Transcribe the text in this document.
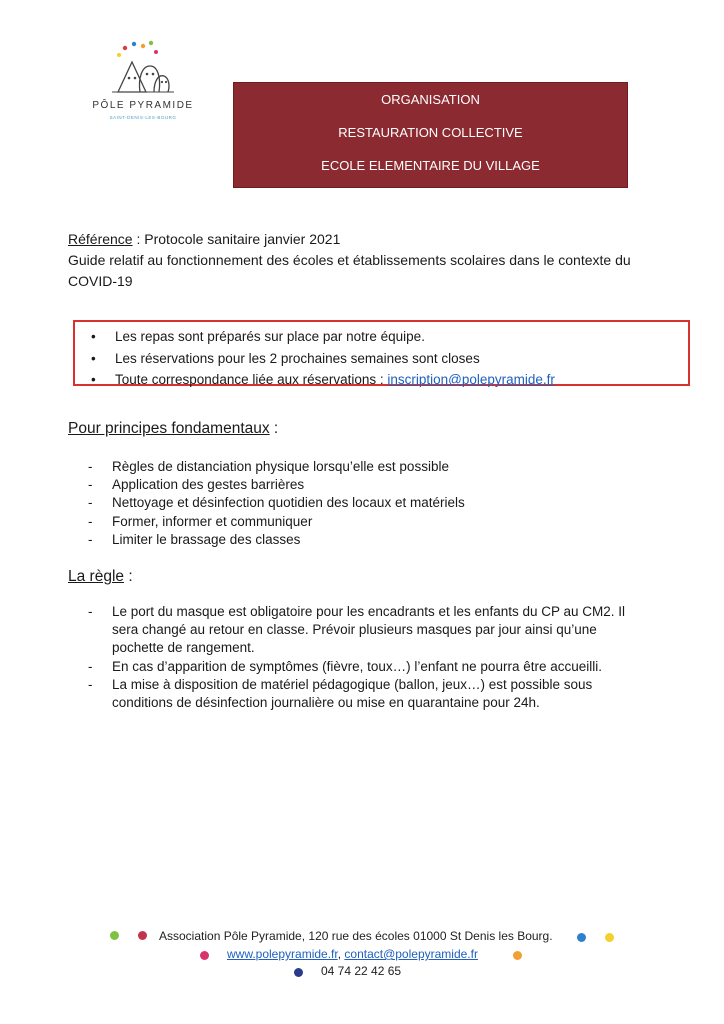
PÔLE PYRAMIDE
SAINT-DENIS-LES-BOURG
ORGANISATION
RESTAURATION COLLECTIVE
ECOLE ELEMENTAIRE DU VILLAGE
Référence : Protocole sanitaire janvier 2021
Guide relatif au fonctionnement des écoles et établissements scolaires dans le contexte du COVID-19
• Les repas sont préparés sur place par notre équipe.
• Les réservations pour les 2 prochaines semaines sont closes
• Toute correspondance liée aux réservations : inscription@polepyramide.fr
Pour principes fondamentaux :
- Règles de distanciation physique lorsqu’elle est possible
- Application des gestes barrières
- Nettoyage et désinfection quotidien des locaux et matériels
- Former, informer et communiquer
- Limiter le brassage des classes
La règle :
- Le port du masque est obligatoire pour les encadrants et les enfants du CP au CM2. Il sera changé au retour en classe. Prévoir plusieurs masques par jour ainsi qu’une pochette de rangement.
- En cas d’apparition de symptômes (fièvre, toux…) l’enfant ne pourra être accueilli.
- La mise à disposition de matériel pédagogique (ballon, jeux…) est possible sous conditions de désinfection journalière ou mise en quarantaine pour 24h.
Association Pôle Pyramide, 120 rue des écoles 01000 St Denis les Bourg.
www.polepyramide.fr, contact@polepyramide.fr
04 74 22 42 65
